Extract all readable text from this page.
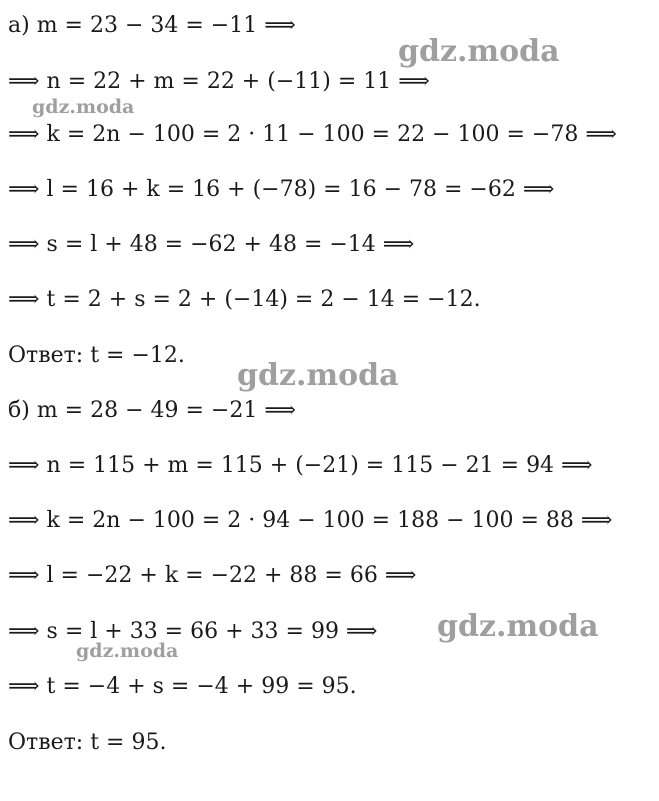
а) m = 23 − 34 = −11 ⟹
⟹ n = 22 + m = 22 + (−11) = 11 ⟹
⟹ k = 2n − 100 = 2 · 11 − 100 = 22 − 100 = −78 ⟹
⟹ l = 16 + k = 16 + (−78) = 16 − 78 = −62 ⟹
⟹ s = l + 48 = −62 + 48 = −14 ⟹
⟹ t = 2 + s = 2 + (−14) = 2 − 14 = −12.
Ответ: t = −12.
б) m = 28 − 49 = −21 ⟹
⟹ n = 115 + m = 115 + (−21) = 115 − 21 = 94 ⟹
⟹ k = 2n − 100 = 2 · 94 − 100 = 188 − 100 = 88 ⟹
⟹ l = −22 + k = −22 + 88 = 66 ⟹
⟹ s = l + 33 = 66 + 33 = 99 ⟹
⟹ t = −4 + s = −4 + 99 = 95.
Ответ: t = 95.
gdz.moda
gdz.moda
gdz.moda
gdz.moda
gdz.moda
